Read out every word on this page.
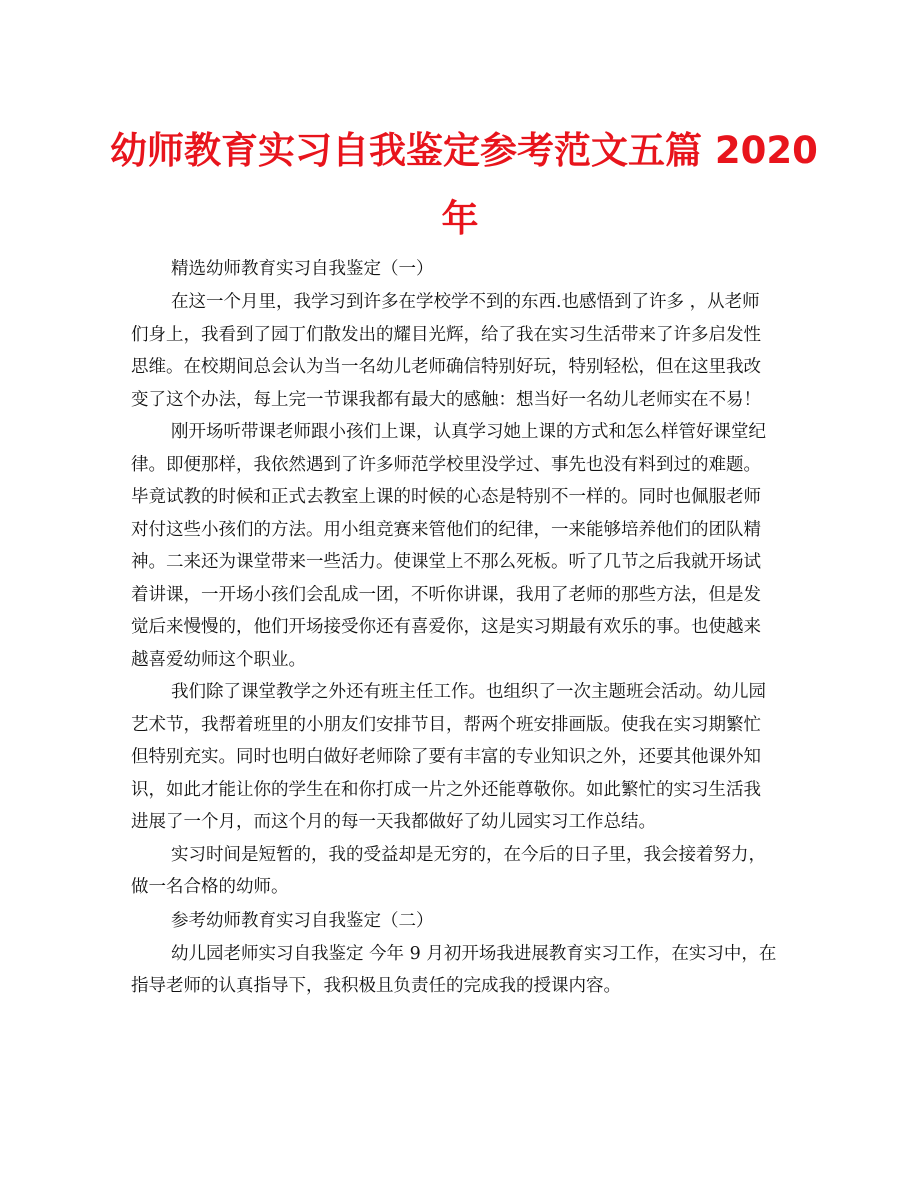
幼师教育实习自我鉴定参考范文五篇 2020
年
精选幼师教育实习自我鉴定（一）
在这一个月里，我学习到许多在学校学不到的东西.也感悟到了许多 ，从老师
们身上，我看到了园丁们散发出的耀目光辉，给了我在实习生活带来了许多启发性
思维。在校期间总会认为当一名幼儿老师确信特别好玩，特别轻松，但在这里我改
变了这个办法，每上完一节课我都有最大的感触：想当好一名幼儿老师实在不易！
刚开场听带课老师跟小孩们上课，认真学习她上课的方式和怎么样管好课堂纪
律。即便那样，我依然遇到了许多师范学校里没学过、事先也没有料到过的难题。
毕竟试教的时候和正式去教室上课的时候的心态是特别不一样的。同时也佩服老师
对付这些小孩们的方法。用小组竞赛来管他们的纪律，一来能够培养他们的团队精
神。二来还为课堂带来一些活力。使课堂上不那么死板。听了几节之后我就开场试
着讲课，一开场小孩们会乱成一团，不听你讲课，我用了老师的那些方法，但是发
觉后来慢慢的，他们开场接受你还有喜爱你，这是实习期最有欢乐的事。也使越来
越喜爱幼师这个职业。
我们除了课堂教学之外还有班主任工作。也组织了一次主题班会活动。幼儿园
艺术节，我帮着班里的小朋友们安排节目，帮两个班安排画版。使我在实习期繁忙
但特别充实。同时也明白做好老师除了要有丰富的专业知识之外，还要其他课外知
识，如此才能让你的学生在和你打成一片之外还能尊敬你。如此繁忙的实习生活我
进展了一个月，而这个月的每一天我都做好了幼儿园实习工作总结。
实习时间是短暂的，我的受益却是无穷的，在今后的日子里，我会接着努力，
做一名合格的幼师。
参考幼师教育实习自我鉴定（二）
幼儿园老师实习自我鉴定 今年 9 月初开场我进展教育实习工作，在实习中，在
指导老师的认真指导下，我积极且负责任的完成我的授课内容。
